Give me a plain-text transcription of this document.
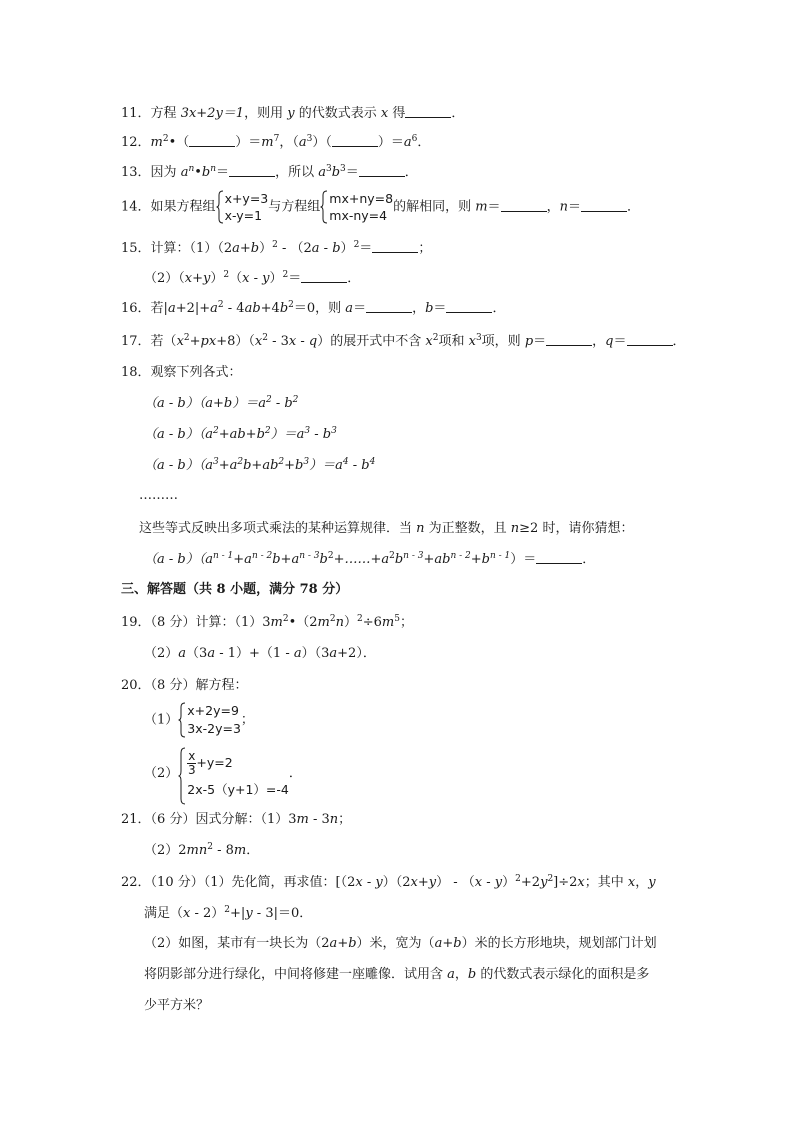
11．方程 3x+2y＝1，则用 y 的代数式表示 x 得	．
12．$m^2•$（	）$=m^7$，$(a^3)$（	）$=a^6$．
13．因为 $a^n•b^n=$	，所以 $a^3b^3=$	．
14．如果方程组
x+y=3
x-y=1
与方程组
mx+ny=8
mx-ny=4
的解相同，则 m＝	，n＝	．
15．计算：$(1)(2a+b)^2 - (2a - b)^2=$	；
$(2)(x+y)^2(x - y)^2=$	．
16．若$|a+2|+a^2 - 4ab+4b^2=0$，则 a＝	，b＝	．
17．若$(x^2+px+8)(x^2 - 3x - q)$的展开式中不含 $x^2$项和 $x^3$项，则 p＝	，q＝	．
18．观察下列各式：
$(a - b)(a+b)=a^2 - b^2$
$(a - b)(a^2+ab+b^2)=a^3 - b^3$
$(a - b)(a^3+a^2b+ab^2+b^3)=a^4 - b^4$
………
这些等式反映出多项式乘法的某种运算规律．当 n 为正整数，且 n≥2 时，请你猜想：
$(a - b)(a^{n - 1}+a^{n - 2}b+a^{n - 3}b^2+\dots\dots+a^2b^{n - 3}+ab^{n - 2}+b^{n - 1})=$	．
三、解答题（共 8 小题，满分 78 分）
19．（8 分）计算：$(1)3m^2•(2m^2n)^2\div 6m^5$；
（2）a（3a - 1）+（1 - a）（3a+2）．
20．（8 分）解方程：
（1）
x+2y=9
3x-2y=3
；
$(2) \frac{x}{3} +y=2$
2x-5（y+1）=-4
．
21．（6 分）因式分解：（1）3m - 3n；
$(2)2mn^2 - 8m$．
22．（10 分）（1）先化简，再求值：$[(2x - y)(2x+y) - (x - y)^2+2y^2]\div 2x$；其中 x，y
满足（x - 2）$^2$+|y - 3|＝0．
（2）如图，某市有一块长为（2a+b）米，宽为（a+b）米的长方形地块，规划部门计划
将阴影部分进行绿化，中间将修建一座雕像．试用含 a，b 的代数式表示绿化的面积是多
少平方米？
